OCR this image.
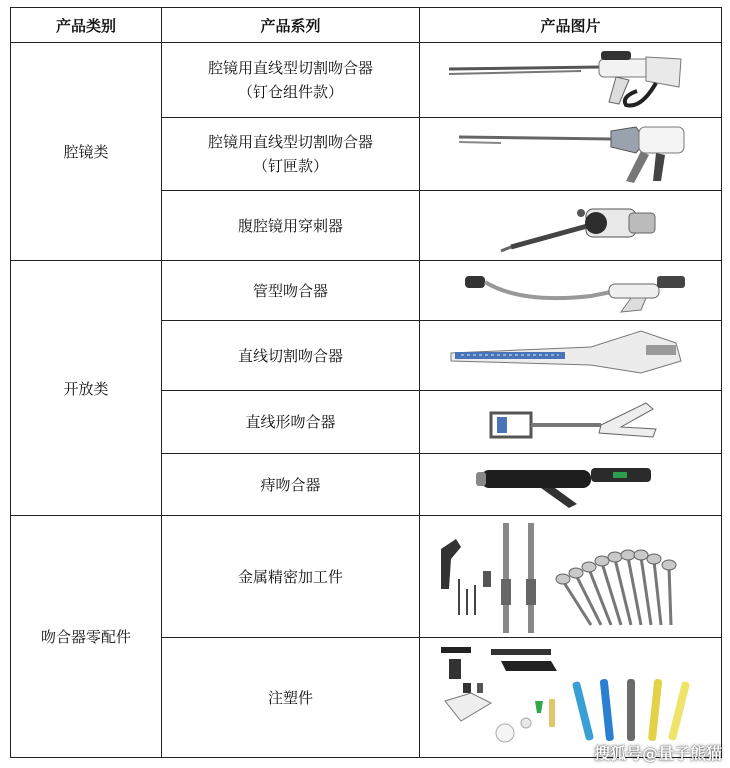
产品类别	产品系列	产品图片
腔镜类	腔镜用直线型切割吻合器
（钉仓组件款）

	腔镜用直线型切割吻合器
（钉匣款）

	腹腔镜用穿刺器

开放类	管型吻合器

	直线切割吻合器

	直线形吻合器

	痔吻合器

吻合器零配件	金属精密加工件

	注塑件

搜狐号@量子熊猫
